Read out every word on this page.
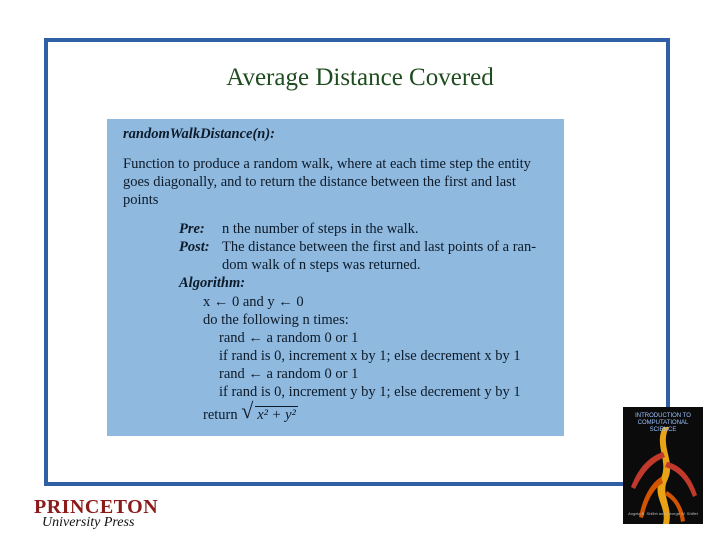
Average Distance Covered
randomWalkDistance(n):
Function to produce a random walk, where at each time step the entity
goes diagonally, and to return the distance between the first and last
points
Pre: n the number of steps in the walk.
Post: The distance between the first and last points of a ran-
dom walk of n steps was returned.
Algorithm:
x ← 0 and y ← 0
do the following n times:
rand ← a random 0 or 1
if rand is 0, increment x by 1; else decrement x by 1
rand ← a random 0 or 1
if rand is 0, increment y by 1; else decrement y by 1
return √ x² + y²
PRINCETON
University Press
INTRODUCTION TO COMPUTATIONAL SCIENCE
Angela B. Shiflet and George W. Shiflet
